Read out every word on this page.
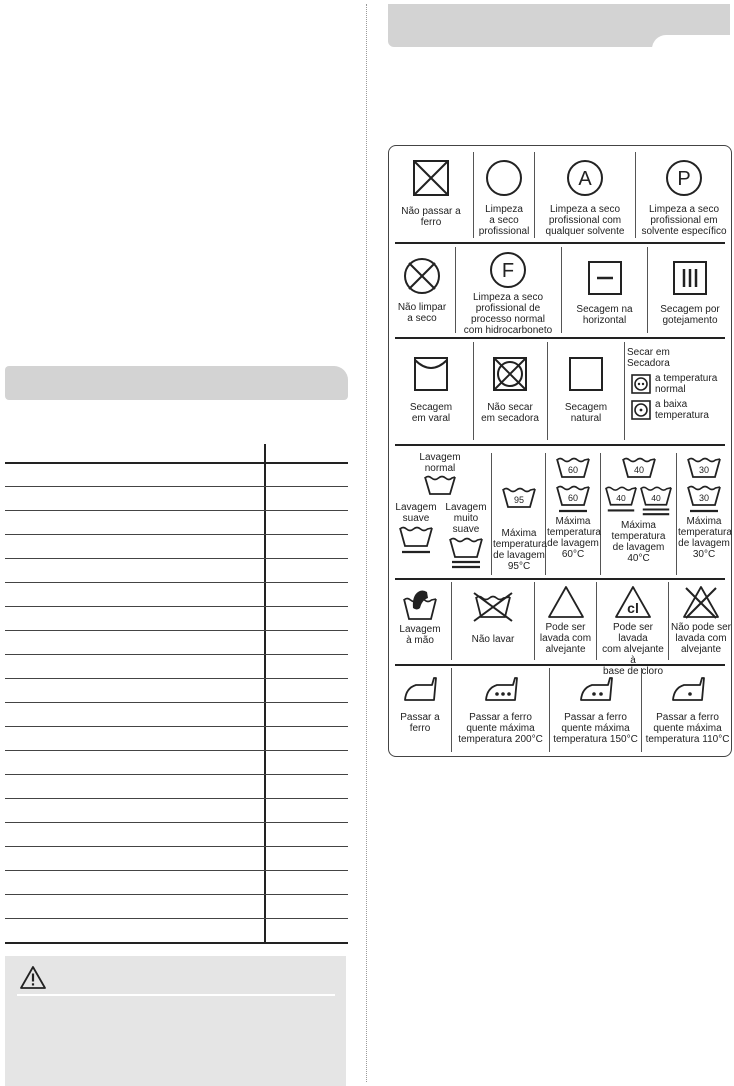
Não passar a
ferro
Limpeza
a seco
profissional
A
Limpeza a seco
profissional com
qualquer solvente
P
Limpeza a seco
profissional em
solvente específico
Não limpar
a seco
F
Limpeza a seco
profissional de
processo normal
com hidrocarboneto
Secagem na
horizontal
Secagem por
gotejamento
Secagem
em varal
Não secar
em secadora
Secagem
natural
Secar em
Secadora
a temperatura
normal
a baixa
temperatura
Lavagem
normal
Lavagem
suave
Lavagem
muito suave
95
Máxima
temperatura
de lavagem
95°C
60
60
Máxima
temperatura
de lavagem
60°C
40
40	40
Máxima
temperatura
de lavagem
40°C
30
30
Máxima
temperatura
de lavagem
30°C
Lavagem
à mão	Não lavar
Pode ser
lavada com
alvejante
cl
Pode ser lavada
com alvejante à
base de cloro
Não pode ser
lavada com
alvejante
Passar a
ferro
Passar a ferro
quente máxima
temperatura 200°C
Passar a ferro
quente máxima
temperatura 150°C
Passar a ferro
quente máxima
temperatura 110°C
